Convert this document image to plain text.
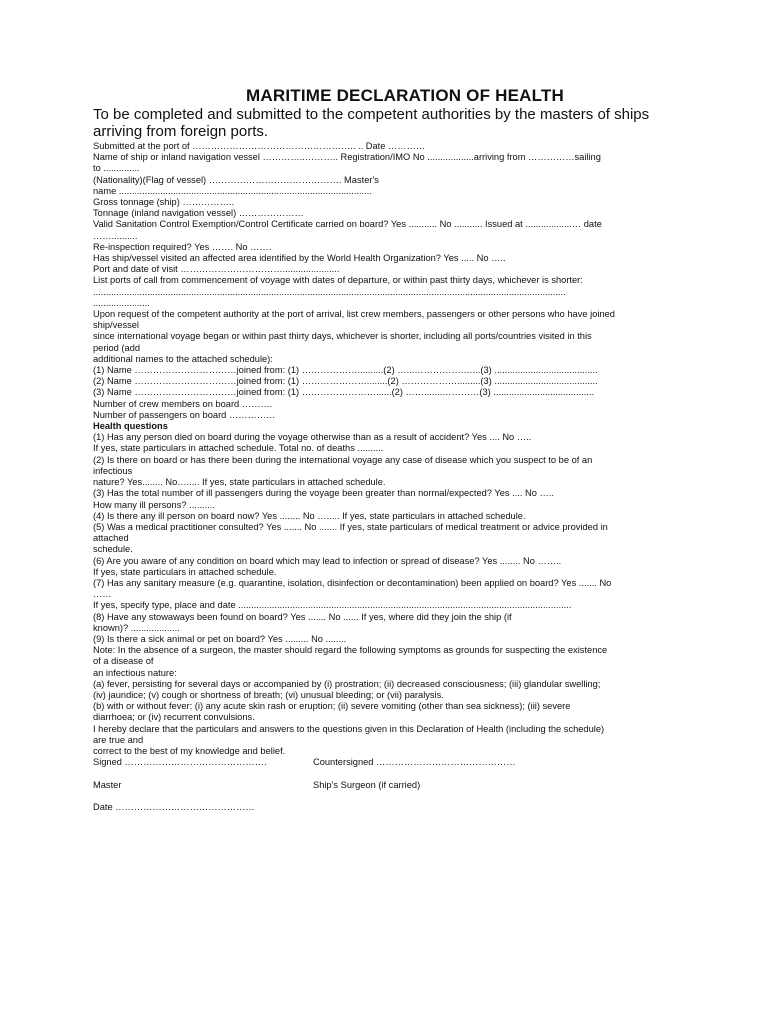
MARITIME DECLARATION OF HEALTH
To be completed and submitted to the competent authorities by the masters of ships arriving from foreign ports.

Submitted at the port of …………………………………………….. .. Date …………

Name of ship or inland navigation vessel …………..……….. Registration/IMO No ..................arriving from ……………sailing

to ..............

(Nationality)(Flag of vessel) ……………………………………. Master's

name ..................................................................................................

Gross tonnage (ship) ……………..

Tonnage (inland navigation vessel) …………………

Valid Sanitation Control Exemption/Control Certificate carried on board? Yes ........... No ........... Issued at ..................… date

……..........

Re-inspection required? Yes ……. No …….

Has ship/vessel visited an affected area identified by the World Health Organization? Yes ..... No …..

Port and date of visit ……………………………......................

List ports of call from commencement of voyage with dates of departure, or within past thirty days, whichever is shorter:

.......................................................................................................................................................................................

......................

Upon request of the competent authority at the port of arrival, list crew members, passengers or other persons who have joined

ship/vessel

since international voyage began or within past thirty days, whichever is shorter, including all ports/countries visited in this

period (add

additional names to the attached schedule):

(1) Name ……………………………joined from: (1) ………………..........(2) …...…………….…...(3) ........................................

(2) Name ……………………………joined from: (1) …………………........(2) ……………….........(3) ........................................

(3) Name ……………………………joined from: (1) ……………………......(2) …….......…………(3) .......................................

Number of crew members on board ……….

Number of passengers on board ……………

Health questions

(1) Has any person died on board during the voyage otherwise than as a result of accident? Yes .... No …..

If yes, state particulars in attached schedule. Total no. of deaths ..........

(2) Is there on board or has there been during the international voyage any case of disease which you suspect to be of an

infectious

nature? Yes........ No…..... If yes, state particulars in attached schedule.

(3) Has the total number of ill passengers during the voyage been greater than normal/expected? Yes .... No …..

How many ill persons? ..........

(4) Is there any ill person on board now? Yes ........ No …..... If yes, state particulars in attached schedule.

(5) Was a medical practitioner consulted? Yes ....... No ....... If yes, state particulars of medical treatment or advice provided in

attached

schedule.

(6) Are you aware of any condition on board which may lead to infection or spread of disease? Yes ........ No ……..

If yes, state particulars in attached schedule.

(7) Has any sanitary measure (e.g. quarantine, isolation, disinfection or decontamination) been applied on board? Yes ....... No

……

If yes, specify type, place and date .................................................................................................................................

(8) Have any stowaways been found on board? Yes ....... No ...... If yes, where did they join the ship (if

known)? ...................

(9) Is there a sick animal or pet on board? Yes ......... No ........

Note: In the absence of a surgeon, the master should regard the following symptoms as grounds for suspecting the existence

of a disease of

an infectious nature:

(a) fever, persisting for several days or accompanied by (i) prostration; (ii) decreased consciousness; (iii) glandular swelling;

(iv) jaundice; (v) cough or shortness of breath; (vi) unusual bleeding; or (vii) paralysis.

(b) with or without fever: (i) any acute skin rash or eruption; (ii) severe vomiting (other than sea sickness); (iii) severe

diarrhoea; or (iv) recurrent convulsions.

I hereby declare that the particulars and answers to the questions given in this Declaration of Health (including the schedule)

are true and

correct to the best of my knowledge and belief.

Signed ……………………………………….	Countersigned ………………………………………
Master	Ship's Surgeon (if carried)
Date ………………………………………
